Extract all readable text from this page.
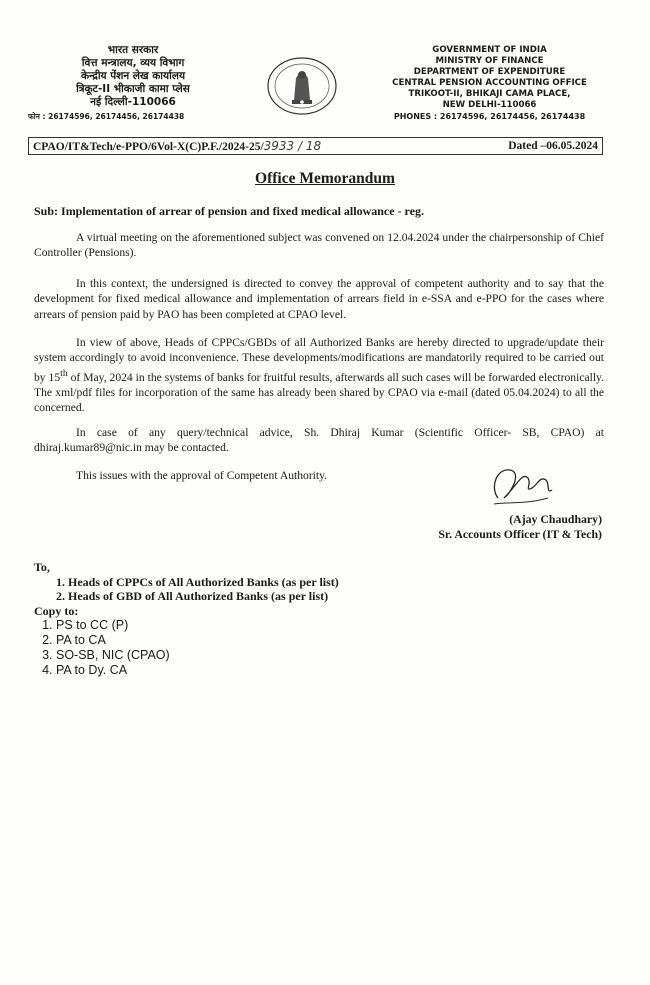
भारत सरकार
वित्त मन्त्रालय, व्यय विभाग
केन्द्रीय पेंशन लेख कार्यालय
त्रिकूट-II भीकाजी कामा प्लेस
नई दिल्ली-110066
फोन : 26174596, 26174456, 26174438
GOVERNMENT OF INDIA
MINISTRY OF FINANCE
DEPARTMENT OF EXPENDITURE
CENTRAL PENSION ACCOUNTING OFFICE
TRIKOOT-II, BHIKAJI CAMA PLACE,
NEW DELHI-110066
PHONES : 26174596, 26174456, 26174438
CPAO/IT&Tech/e-PPO/6Vol-X(C)P.F./2024-25/3933 / 18	Dated –06.05.2024
Office Memorandum
Sub: Implementation of arrear of pension and fixed medical allowance - reg.

A virtual meeting on the aforementioned subject was convened on 12.04.2024 under the chairpersonship of Chief Controller (Pensions).

In this context, the undersigned is directed to convey the approval of competent authority and to say that the development for fixed medical allowance and implementation of arrears field in e-SSA and e-PPO for the cases where arrears of pension paid by PAO has been completed at CPAO level.

In view of above, Heads of CPPCs/GBDs of all Authorized Banks are hereby directed to upgrade/update their system accordingly to avoid inconvenience. These developments/modifications are mandatorily required to be carried out by 15th of May, 2024 in the systems of banks for fruitful results, afterwards all such cases will be forwarded electronically. The xml/pdf files for incorporation of the same has already been shared by CPAO via e-mail (dated 05.04.2024) to all the concerned.

In case of any query/technical advice, Sh. Dhiraj Kumar (Scientific Officer- SB, CPAO) at dhiraj.kumar89@nic.in may be contacted.

This issues with the approval of Competent Authority.

(Ajay Chaudhary)
Sr. Accounts Officer (IT & Tech)
To,
1. Heads of CPPCs of All Authorized Banks (as per list)
2. Heads of GBD of All Authorized Banks (as per list)
Copy to:
1. PS to CC (P)
2. PA to CA
3. SO-SB, NIC (CPAO)
4. PA to Dy. CA
